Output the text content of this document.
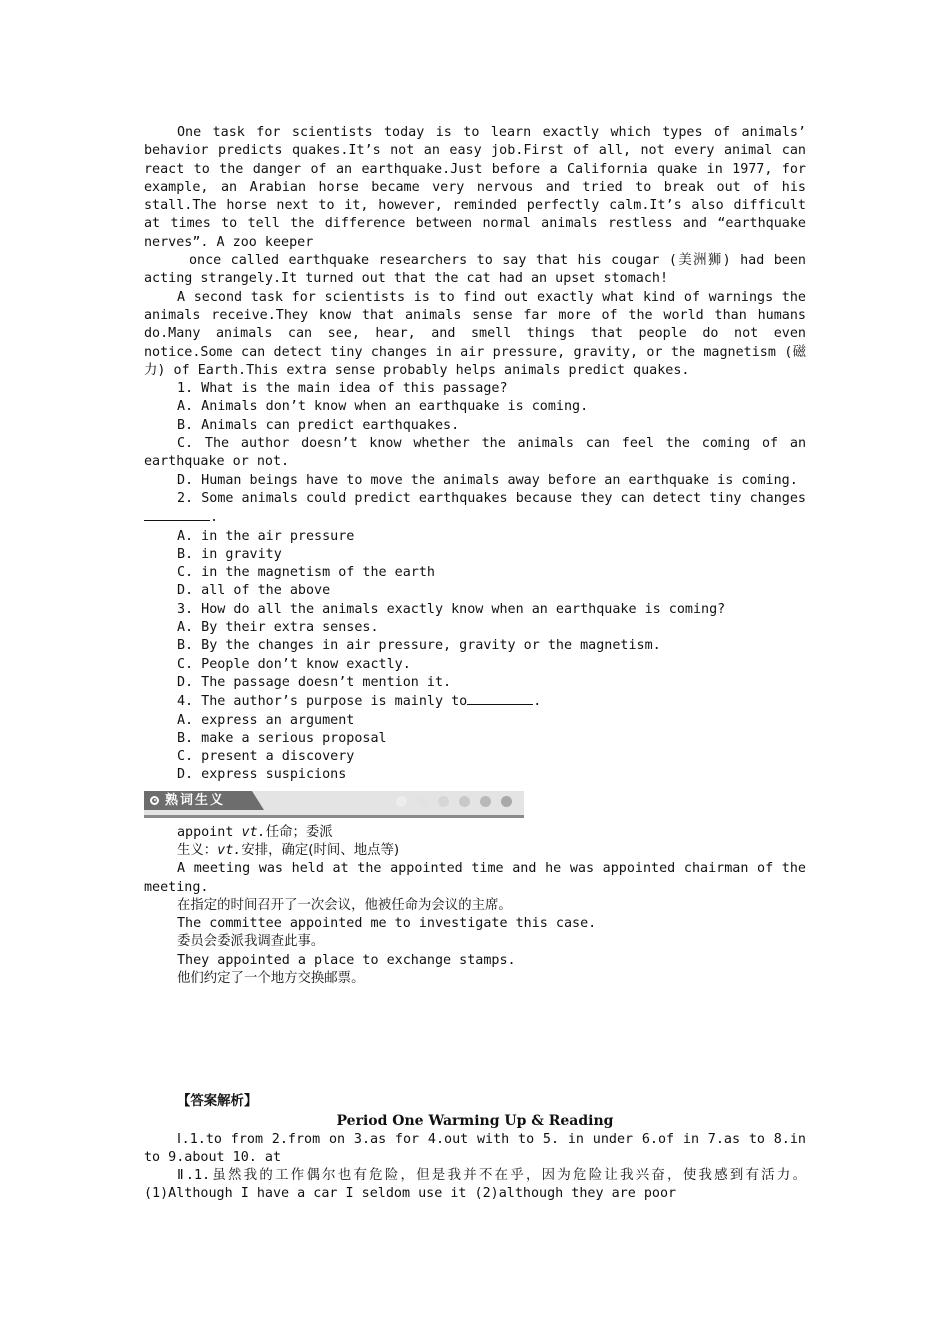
One task for scientists today is to learn exactly which types of animals’ behavior predicts quakes.It’s not an easy job.First of all, not every animal can react to the danger of an earthquake.Just before a California quake in 1977, for example, an Arabian horse became very nervous and tried to break out of his stall.The horse next to it, however, reminded perfectly calm.It’s also difficult at times to tell the difference between normal animals restless and “earthquake nerves”. A zoo keeper

once called earthquake researchers to say that his cougar (美洲狮) had been acting strangely.It turned out that the cat had an upset stomach!

A second task for scientists is to find out exactly what kind of warnings the animals receive.They know that animals sense far more of the world than humans do.Many animals can see, hear, and smell things that people do not even notice.Some can detect tiny changes in air pressure, gravity, or the magnetism (磁力) of Earth.This extra sense probably helps animals predict quakes.

1. What is the main idea of this passage?

A. Animals don’t know when an earthquake is coming.

B. Animals can predict earthquakes.

C. The author doesn’t know whether the animals can feel the coming of an earthquake or not.

D. Human beings have to move the animals away before an earthquake is coming.

2. Some animals could predict earthquakes because they can detect tiny changes.

A. in the air pressure

B. in gravity

C. in the magnetism of the earth

D. all of the above

3. How do all the animals exactly know when an earthquake is coming?

A. By their extra senses.

B. By the changes in air pressure, gravity or the magnetism.

C. People don’t know exactly.

D. The passage doesn’t mention it.

4. The author’s purpose is mainly to	.

A. express an argument

B. make a serious proposal

C. present a discovery

D. express suspicions

熟词生义

appoint vt.任命；委派

生义：vt.安排，确定(时间、地点等)

A meeting was held at the appointed time and he was appointed chairman of the meeting.

在指定的时间召开了一次会议，他被任命为会议的主席。

The committee appointed me to investigate this case.

委员会委派我调查此事。

They appointed a place to exchange stamps.

他们约定了一个地方交换邮票。

【答案解析】

Period One Warming Up & Reading

Ⅰ.1.to from 2.from on 3.as for 4.out with to 5. in under 6.of in 7.as to 8.in to 9.about 10. at

Ⅱ.1.虽然我的工作偶尔也有危险，但是我并不在乎，因为危险让我兴奋，使我感到有活力。 (1)Although I have a car I seldom use it (2)although they are poor
